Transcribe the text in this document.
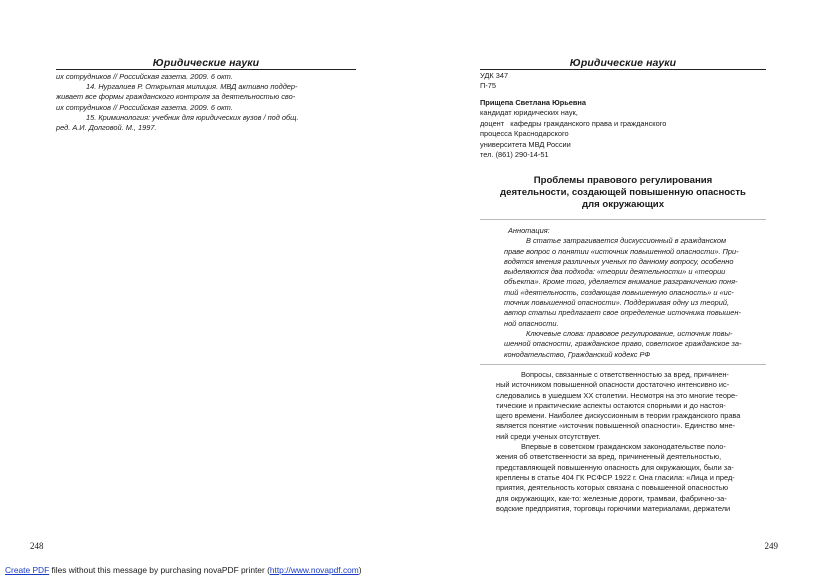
Юридические науки

их сотрудников // Российская газета. 2009. 6 окт.

14. Нургалиев Р. Открытая милиция. МВД активно поддер-

живает все формы гражданского контроля за деятельностью сво-

их сотрудников // Российская газета. 2009. 6 окт.

15. Криминология: учебник для юридических вузов / под общ.

ред. А.И. Долговой. М., 1997.

248
Юридические науки
УДК 347
П-75
Прищепа Светлана Юрьевна
кандидат юридических наук,
доцент   кафедры гражданского права и гражданского
процесса Краснодарского
университета МВД России
тел. (861) 290-14-51
Проблемы правового регулирования
деятельности, создающей повышенную опасность
для окружающих

Аннотация:

В статье затрагивается дискуссионный в гражданском

праве вопрос о понятии «источник повышенной опасности». При-

водятся мнения различных ученых по данному вопросу, особенно

выделяются два подхода: «теории деятельности» и «теории

объекта». Кроме того, уделяется внимание разграничению поня-

тий «деятельность, создающая повышенную опасность» и «ис-

точник повышенной опасности». Поддерживая одну из теорий,

автор статьи предлагает свое определение источника повышен-

ной опасности.

Ключевые слова: правовое регулирование, источник повы-

шенной опасности, гражданское право, советское гражданское за-

конодательство, Гражданский кодекс РФ

Вопросы, связанные с ответственностью за вред, причинен-

ный источником повышенной опасности достаточно интенсивно ис-

следовались в ушедшем XX столетии. Несмотря на это многие теоре-

тические и практические аспекты остаются спорными и до настоя-

щего времени. Наиболее дискуссионным в теории гражданского права

является понятие «источник повышенной опасности». Единство мне-

ний среди ученых отсутствует.

Впервые в советском гражданском законодательстве поло-

жения об ответственности за вред, причиненный деятельностью,

представляющей повышенную опасность для окружающих, были за-

креплены в статье 404 ГК РСФСР 1922 г. Она гласила: «Лица и пред-

приятия, деятельность которых связана с повышенной опасностью

для окружающих, как-то: железные дороги, трамваи, фабрично-за-

водские предприятия, торговцы горючими материалами, держатели

249
Create PDF files without this message by purchasing novaPDF printer (http://www.novapdf.com)
